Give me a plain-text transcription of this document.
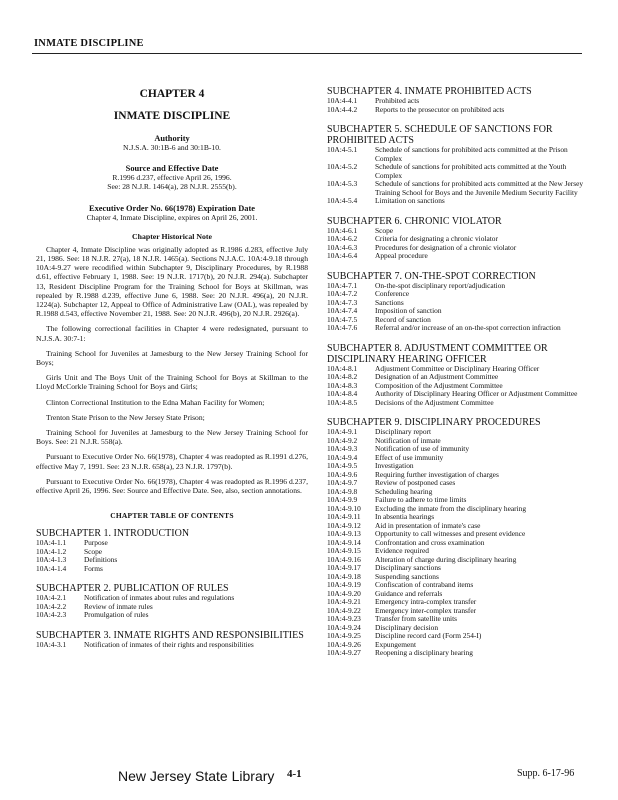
INMATE DISCIPLINE
CHAPTER 4
INMATE DISCIPLINE
Authority
N.J.S.A. 30:1B-6 and 30:1B-10.
Source and Effective Date
R.1996 d.237, effective April 26, 1996.
See: 28 N.J.R. 1464(a), 28 N.J.R. 2555(b).
Executive Order No. 66(1978) Expiration Date
Chapter 4, Inmate Discipline, expires on April 26, 2001.
Chapter Historical Note
Chapter 4, Inmate Discipline was originally adopted as R.1986 d.283, effective July 21, 1986. See: 18 N.J.R. 27(a), 18 N.J.R. 1465(a). Sections N.J.A.C. 10A:4-9.18 through 10A:4-9.27 were recodified within Subchapter 9, Disciplinary Procedures, by R.1988 d.61, effective February 1, 1988. See: 19 N.J.R. 1717(b), 20 N.J.R. 294(a). Subchapter 13, Resident Discipline Program for the Training School for Boys at Skillman, was repealed by R.1988 d.239, effective June 6, 1988. See: 20 N.J.R. 496(a), 20 N.J.R. 1224(a). Subchapter 12, Appeal to Office of Administrative Law (OAL), was repealed by R.1988 d.543, effective November 21, 1988. See: 20 N.J.R. 496(b), 20 N.J.R. 2926(a).
The following correctional facilities in Chapter 4 were redesignated, pursuant to N.J.S.A. 30:7-1:
Training School for Juveniles at Jamesburg to the New Jersey Training School for Boys;
Girls Unit and The Boys Unit of the Training School for Boys at Skillman to the Lloyd McCorkle Training School for Boys and Girls;
Clinton Correctional Institution to the Edna Mahan Facility for Women;
Trenton State Prison to the New Jersey State Prison;
Training School for Juveniles at Jamesburg to the New Jersey Training School for Boys. See: 21 N.J.R. 558(a).
Pursuant to Executive Order No. 66(1978), Chapter 4 was readopted as R.1991 d.276, effective May 7, 1991. See: 23 N.J.R. 658(a), 23 N.J.R. 1797(b).
Pursuant to Executive Order No. 66(1978), Chapter 4 was readopted as R.1996 d.237, effective April 26, 1996. See: Source and Effective Date. See, also, section annotations.
CHAPTER TABLE OF CONTENTS
SUBCHAPTER 1. INTRODUCTION
10A:4-1.1	Purpose
10A:4-1.2	Scope
10A:4-1.3	Definitions
10A:4-1.4	Forms
SUBCHAPTER 2. PUBLICATION OF RULES
10A:4-2.1	Notification of inmates about rules and regulations
10A:4-2.2	Review of inmate rules
10A:4-2.3	Promulgation of rules
SUBCHAPTER 3. INMATE RIGHTS AND RESPONSIBILITIES
10A:4-3.1	Notification of inmates of their rights and responsibilities
SUBCHAPTER 4. INMATE PROHIBITED ACTS
10A:4-4.1	Prohibited acts
10A:4-4.2	Reports to the prosecutor on prohibited acts
SUBCHAPTER 5. SCHEDULE OF SANCTIONS FOR PROHIBITED ACTS
10A:4-5.1	Schedule of sanctions for prohibited acts committed at the Prison Complex
10A:4-5.2	Schedule of sanctions for prohibited acts committed at the Youth Complex
10A:4-5.3	Schedule of sanctions for prohibited acts committed at the New Jersey Training School for Boys and the Juvenile Medium Security Facility
10A:4-5.4	Limitation on sanctions
SUBCHAPTER 6. CHRONIC VIOLATOR
10A:4-6.1	Scope
10A:4-6.2	Criteria for designating a chronic violator
10A:4-6.3	Procedures for designation of a chronic violator
10A:4-6.4	Appeal procedure
SUBCHAPTER 7. ON-THE-SPOT CORRECTION
10A:4-7.1	On-the-spot disciplinary report/adjudication
10A:4-7.2	Conference
10A:4-7.3	Sanctions
10A:4-7.4	Imposition of sanction
10A:4-7.5	Record of sanction
10A:4-7.6	Referral and/or increase of an on-the-spot correction infraction
SUBCHAPTER 8. ADJUSTMENT COMMITTEE OR DISCIPLINARY HEARING OFFICER
10A:4-8.1	Adjustment Committee or Disciplinary Hearing Officer
10A:4-8.2	Designation of an Adjustment Committee
10A:4-8.3	Composition of the Adjustment Committee
10A:4-8.4	Authority of Disciplinary Hearing Officer or Adjustment Committee
10A:4-8.5	Decisions of the Adjustment Committee
SUBCHAPTER 9. DISCIPLINARY PROCEDURES
10A:4-9.1	Disciplinary report
10A:4-9.2	Notification of inmate
10A:4-9.3	Notification of use of immunity
10A:4-9.4	Effect of use immunity
10A:4-9.5	Investigation
10A:4-9.6	Requiring further investigation of charges
10A:4-9.7	Review of postponed cases
10A:4-9.8	Scheduling hearing
10A:4-9.9	Failure to adhere to time limits
10A:4-9.10	Excluding the inmate from the disciplinary hearing
10A:4-9.11	In absentia hearings
10A:4-9.12	Aid in presentation of inmate's case
10A:4-9.13	Opportunity to call witnesses and present evidence
10A:4-9.14	Confrontation and cross examination
10A:4-9.15	Evidence required
10A:4-9.16	Alteration of charge during disciplinary hearing
10A:4-9.17	Disciplinary sanctions
10A:4-9.18	Suspending sanctions
10A:4-9.19	Confiscation of contraband items
10A:4-9.20	Guidance and referrals
10A:4-9.21	Emergency intra-complex transfer
10A:4-9.22	Emergency inter-complex transfer
10A:4-9.23	Transfer from satellite units
10A:4-9.24	Disciplinary decision
10A:4-9.25	Discipline record card (Form 254-I)
10A:4-9.26	Expungement
10A:4-9.27	Reopening a disciplinary hearing
New Jersey State Library 4-1	Supp. 6-17-96
